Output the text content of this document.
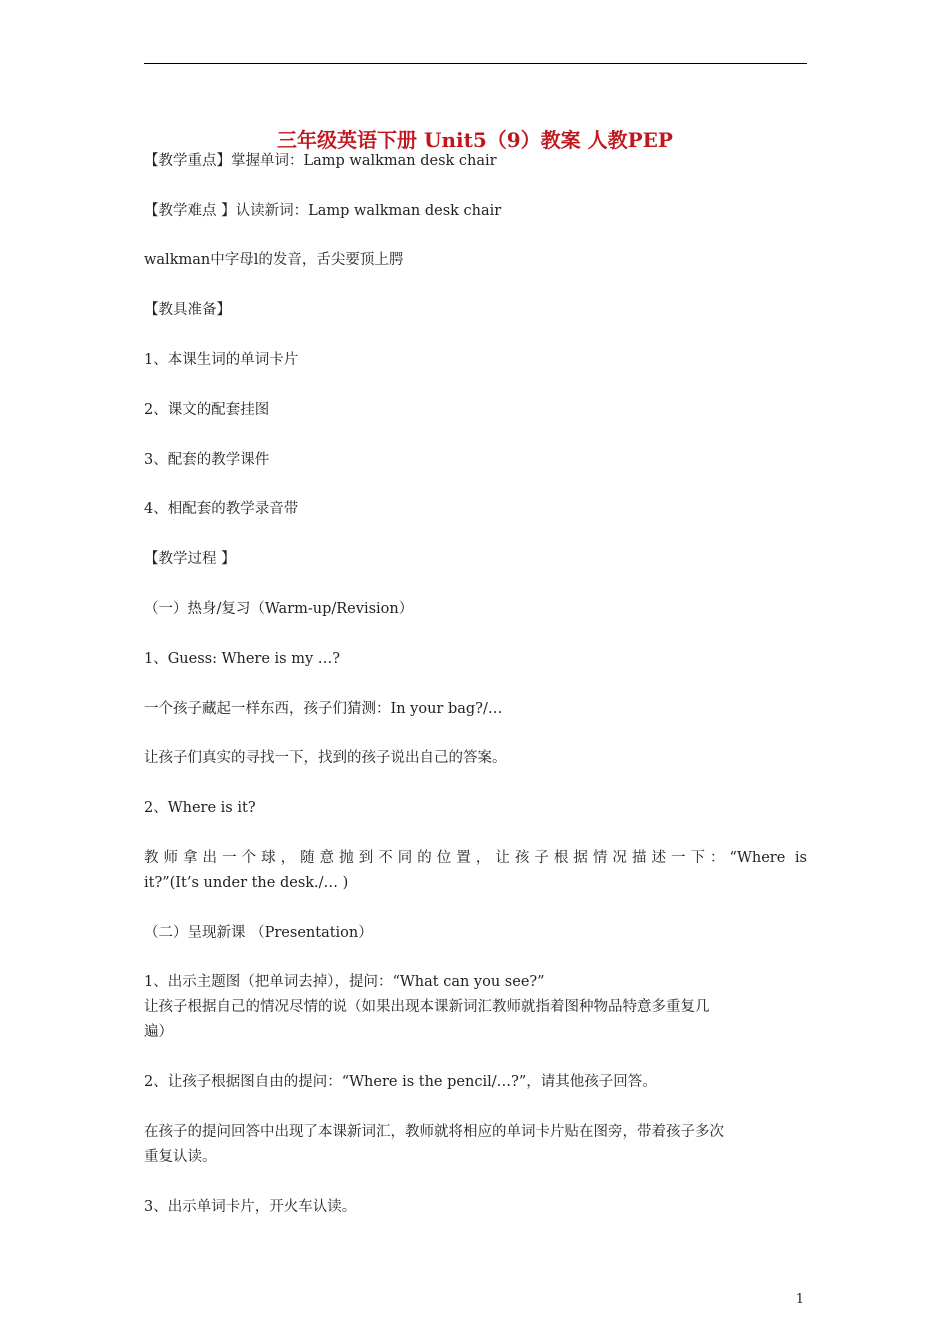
三年级英语下册 Unit5（9）教案 人教PEP
【教学重点】掌握单词：Lamp walkman desk chair
【教学难点 】认读新词：Lamp walkman desk chair
walkman中字母l的发音，舌尖要顶上腭
【教具准备】
1、本课生词的单词卡片
2、课文的配套挂图
3、配套的教学课件
4、相配套的教学录音带
【教学过程 】
（一）热身/复习（Warm-up/Revision）
1、Guess: Where is my …?
一个孩子藏起一样东西，孩子们猜测：In your bag?/…
让孩子们真实的寻找一下，找到的孩子说出自己的答案。
2、Where is it?
教师拿出一个球，随意抛到不同的位置，让孩子根据情况描述一下：“Where is
it?”(It’s under the desk./… )
（二）呈现新课 （Presentation）
1、出示主题图（把单词去掉），提问：“What can you see?”
让孩子根据自己的情况尽情的说（如果出现本课新词汇教师就指着图种物品特意多重复几
遍）
2、让孩子根据图自由的提问：“Where is the pencil/…?”，请其他孩子回答。
在孩子的提问回答中出现了本课新词汇，教师就将相应的单词卡片贴在图旁，带着孩子多次
重复认读。
3、出示单词卡片，开火车认读。
1
